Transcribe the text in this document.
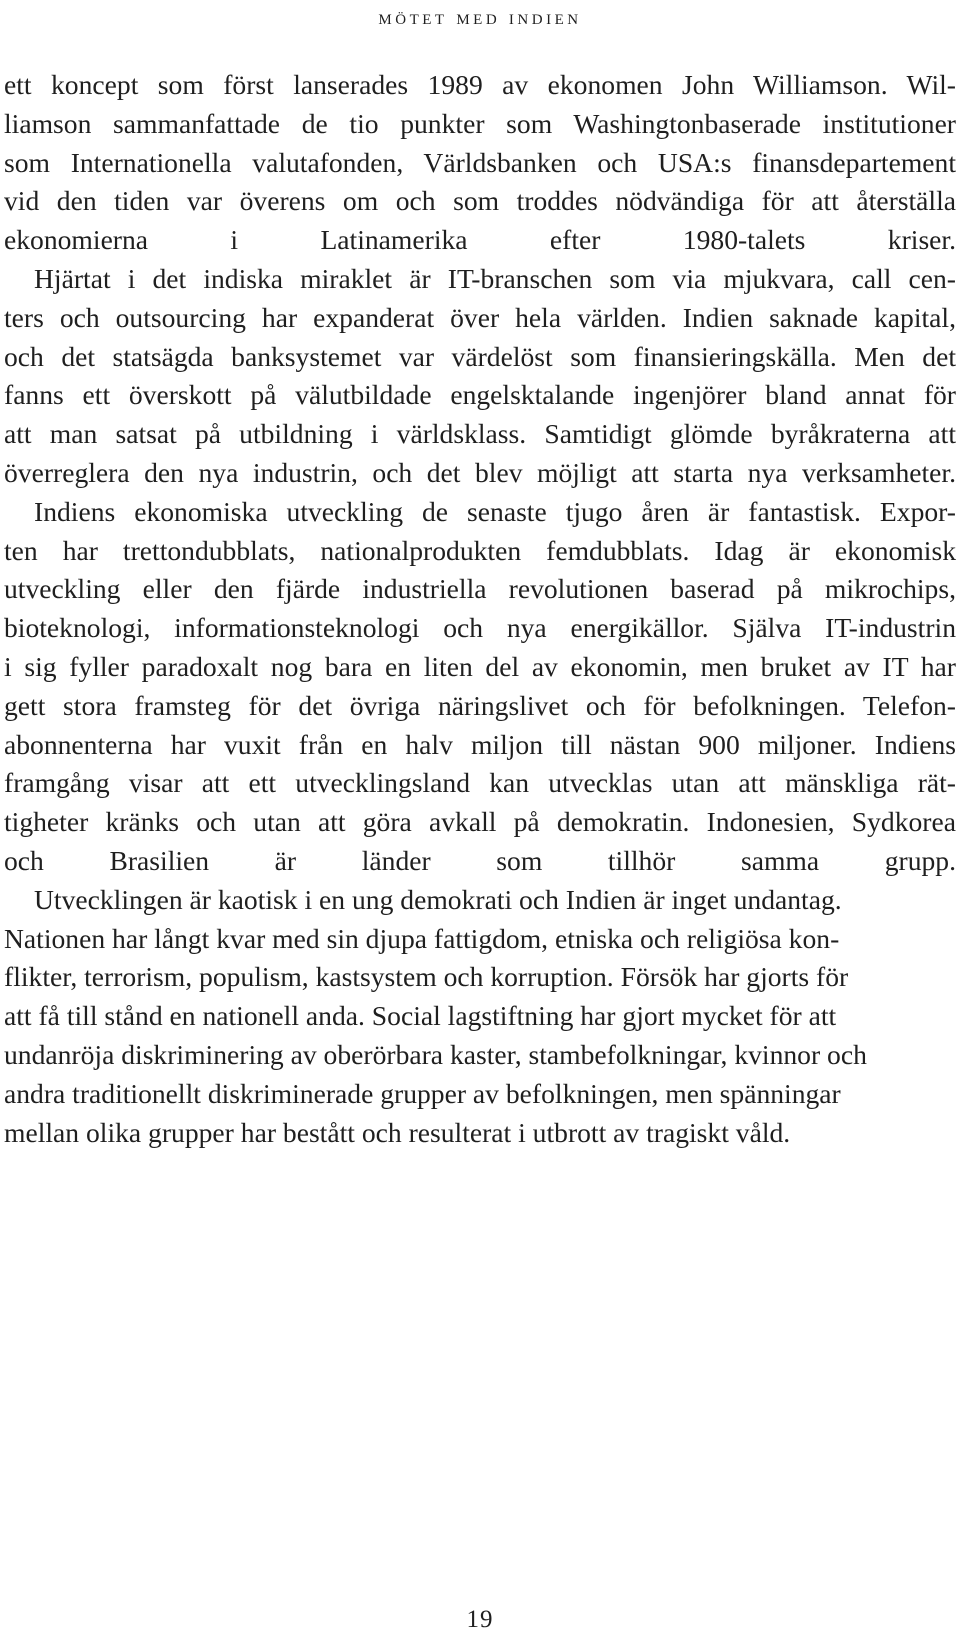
mötet med indien

ett koncept som först lanserades 1989 av ekonomen John Williamson. Wil-
liamson sammanfattade de tio punkter som Washingtonbaserade institutioner
som Internationella valutafonden, Världsbanken och USA:s finansdepartement
vid den tiden var överens om och som troddes nödvändiga för att återställa
ekonomierna i Latinamerika efter 1980-talets kriser.

Hjärtat i det indiska miraklet är IT-branschen som via mjukvara, call cen-
ters och outsourcing har expanderat över hela världen. Indien saknade kapital,
och det statsägda banksystemet var värdelöst som finansieringskälla. Men det
fanns ett överskott på välutbildade engelsktalande ingenjörer bland annat för
att man satsat på utbildning i världsklass. Samtidigt glömde byråkraterna att
överreglera den nya industrin, och det blev möjligt att starta nya verksamheter.

Indiens ekonomiska utveckling de senaste tjugo åren är fantastisk. Expor-
ten har trettondubblats, nationalprodukten femdubblats. Idag är ekonomisk
utveckling eller den fjärde industriella revolutionen baserad på mikrochips,
bioteknologi, informationsteknologi och nya energikällor. Själva IT-industrin
i sig fyller paradoxalt nog bara en liten del av ekonomin, men bruket av IT har
gett stora framsteg för det övriga näringslivet och för befolkningen. Telefon-
abonnenterna har vuxit från en halv miljon till nästan 900 miljoner. Indiens
framgång visar att ett utvecklingsland kan utvecklas utan att mänskliga rät-
tigheter kränks och utan att göra avkall på demokratin. Indonesien, Sydkorea
och Brasilien är länder som tillhör samma grupp.

Utvecklingen är kaotisk i en ung demokrati och Indien är inget undantag.
Nationen har långt kvar med sin djupa fattigdom, etniska och religiösa kon-
flikter, terrorism, populism, kastsystem och korruption. Försök har gjorts för
att få till stånd en nationell anda. Social lagstiftning har gjort mycket för att
undanröja diskriminering av oberörbara kaster, stambefolkningar, kvinnor och
andra traditionellt diskriminerade grupper av befolkningen, men spänningar
mellan olika grupper har bestått och resulterat i utbrott av tragiskt våld.

19
